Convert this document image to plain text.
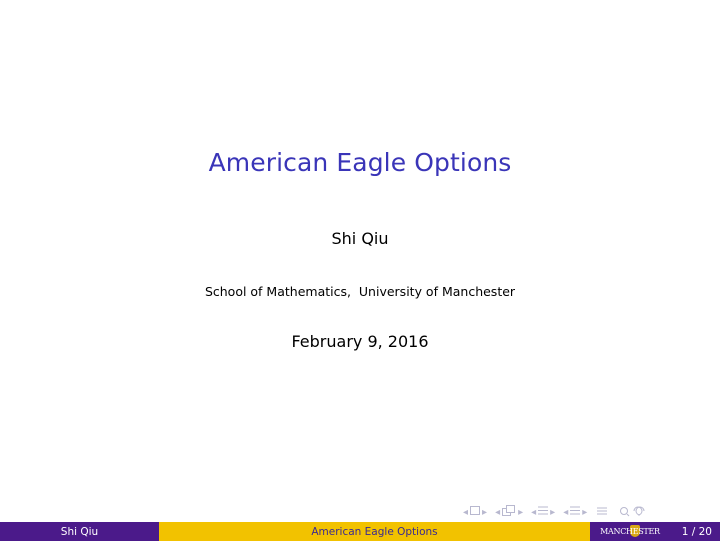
American Eagle Options
Shi Qiu
School of Mathematics,  University of Manchester
February 9, 2016
◂ ▸ ◂ ▸ ◂ ▸ ◂ ▸
Shi Qiu	American Eagle Options	MANCHESTER 1 / 20
